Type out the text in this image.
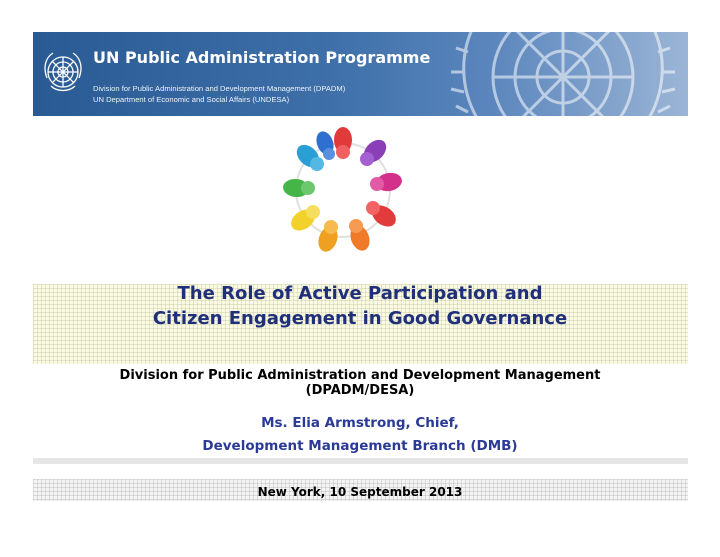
UN Public Administration Programme
Division for Public Administration and Development Management (DPADM)
UN Department of Economic and Social Affairs (UNDESA)
The Role of Active Participation and
Citizen Engagement in Good Governance
Division for Public Administration and Development Management
(DPADM/DESA)
Ms. Elia Armstrong, Chief,
Development Management Branch (DMB)
New York, 10 September 2013
